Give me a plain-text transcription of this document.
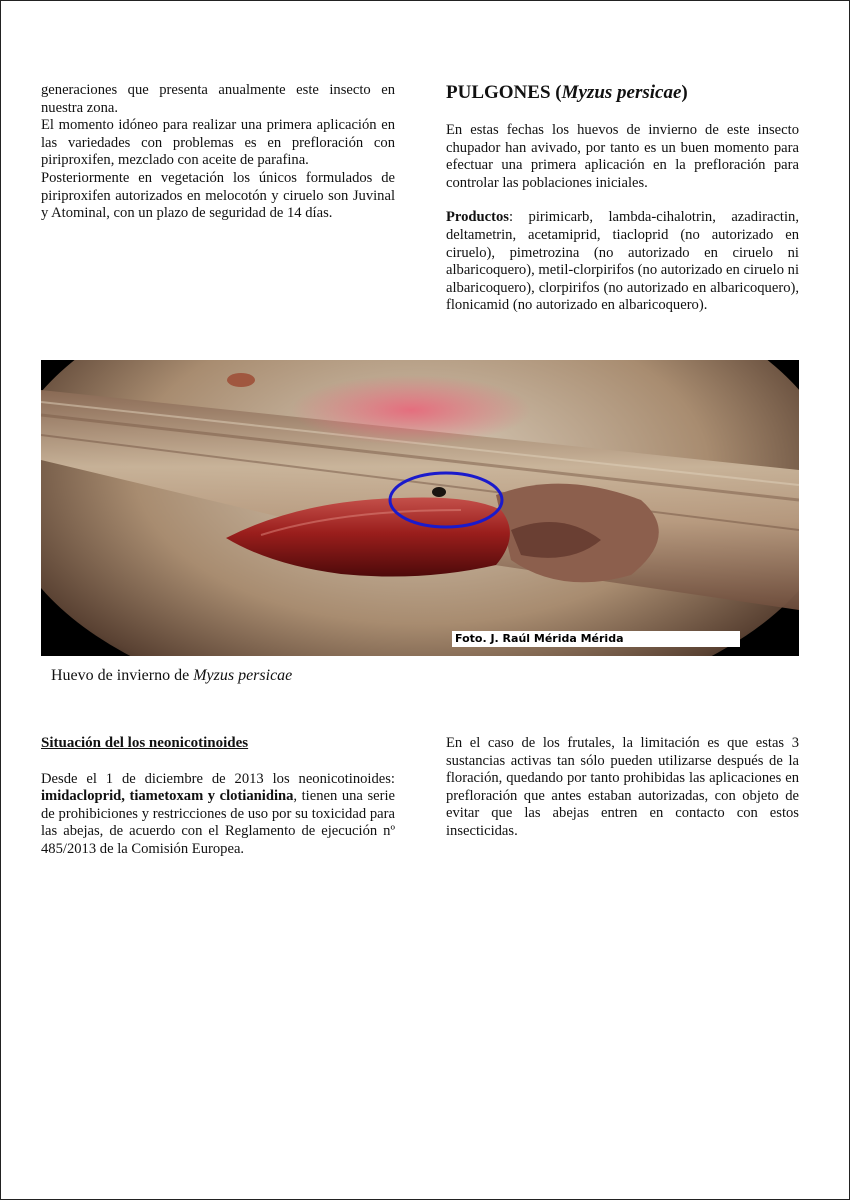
generaciones que presenta anualmente este insecto en nuestra zona.

El momento idóneo para realizar una primera aplicación en las variedades con problemas es en prefloración con piriproxifen, mezclado con aceite de parafina.

Posteriormente en vegetación los únicos formulados de piriproxifen autorizados en melocotón y ciruelo son Juvinal y Atominal, con un plazo de seguridad de 14 días.

PULGONES (Myzus persicae)

En estas fechas los huevos de invierno de este insecto chupador han avivado, por tanto es un buen momento para efectuar una primera aplicación en la prefloración para controlar las poblaciones iniciales.

Productos: pirimicarb, lambda-cihalotrin, azadiractin, deltametrin, acetamiprid, tiacloprid (no autorizado en ciruelo), pimetrozina (no autorizado en ciruelo ni albaricoquero), metil-clorpirifos (no autorizado en ciruelo ni albaricoquero), clorpirifos (no autorizado en albaricoquero), flonicamid (no autorizado en albaricoquero).

Foto. J. Raúl Mérida Mérida
Huevo de invierno de Myzus persicae
Situación del los neonicotinoides

Desde el 1 de diciembre de 2013 los neonicotinoides: imidacloprid, tiametoxam y clotianidina, tienen una serie de prohibiciones y restricciones de uso por su toxicidad para las abejas, de acuerdo con el Reglamento de ejecución nº 485/2013 de la Comisión Europea.

En el caso de los frutales, la limitación es que estas 3 sustancias activas tan sólo pueden utilizarse después de la floración, quedando por tanto prohibidas las aplicaciones en prefloración que antes estaban autorizadas, con objeto de evitar que las abejas entren en contacto con estos insecticidas.
